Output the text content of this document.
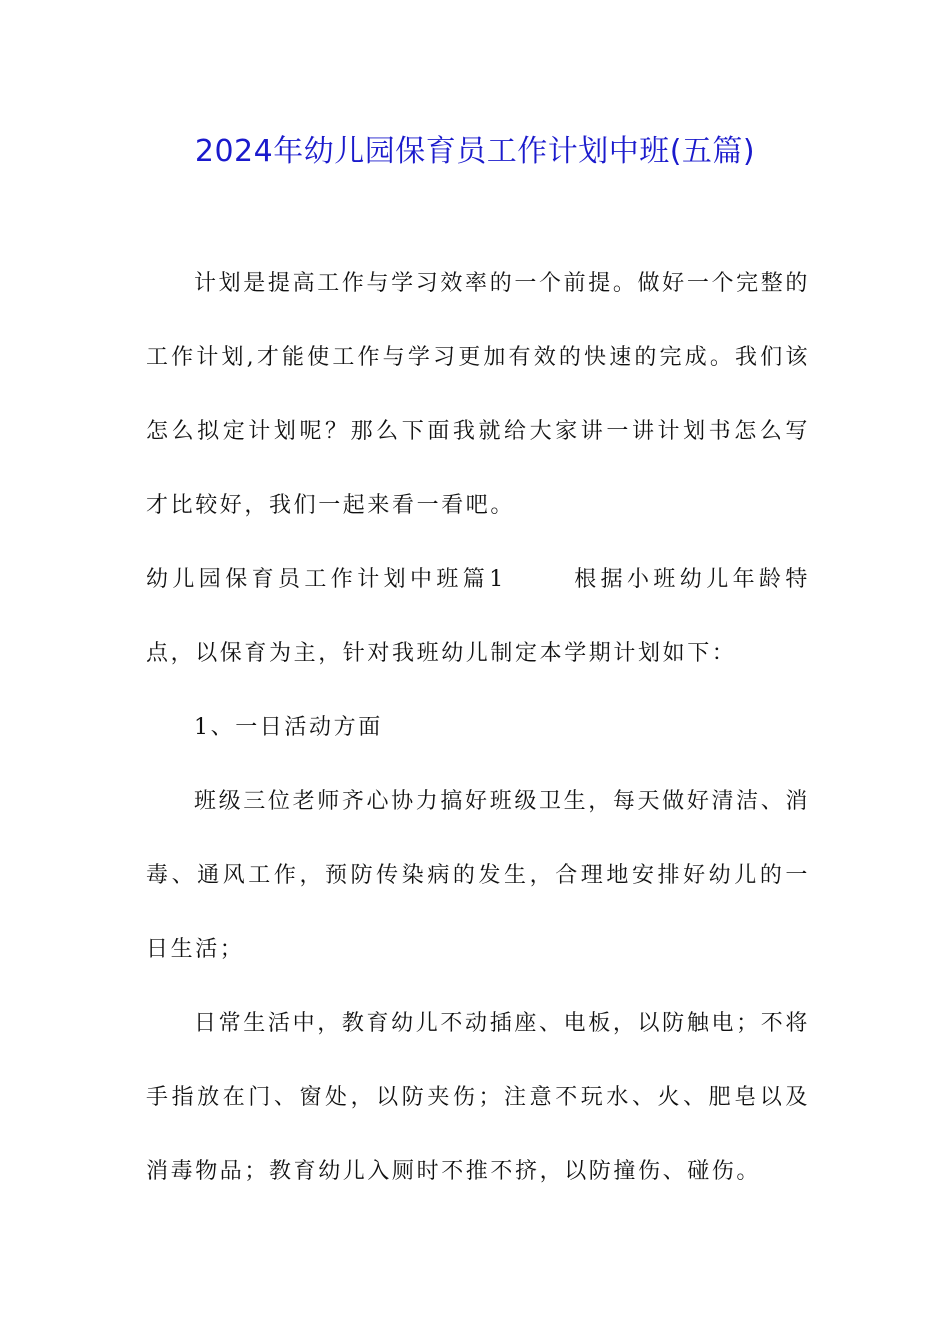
2024年幼儿园保育员工作计划中班(五篇)

计划是提高工作与学习效率的一个前提。做好一个完整的工作计划,才能使工作与学习更加有效的快速的完成。我们该怎么拟定计划呢？那么下面我就给大家讲一讲计划书怎么写才比较好，我们一起来看一看吧。

幼儿园保育员工作计划中班篇1	根据小班幼儿年龄特点，以保育为主，针对我班幼儿制定本学期计划如下：

1、一日活动方面

班级三位老师齐心协力搞好班级卫生，每天做好清洁、消毒、通风工作，预防传染病的发生，合理地安排好幼儿的一日生活；

日常生活中，教育幼儿不动插座、电板，以防触电；不将手指放在门、窗处，以防夹伤；注意不玩水、火、肥皂以及消毒物品；教育幼儿入厕时不推不挤，以防撞伤、碰伤。
